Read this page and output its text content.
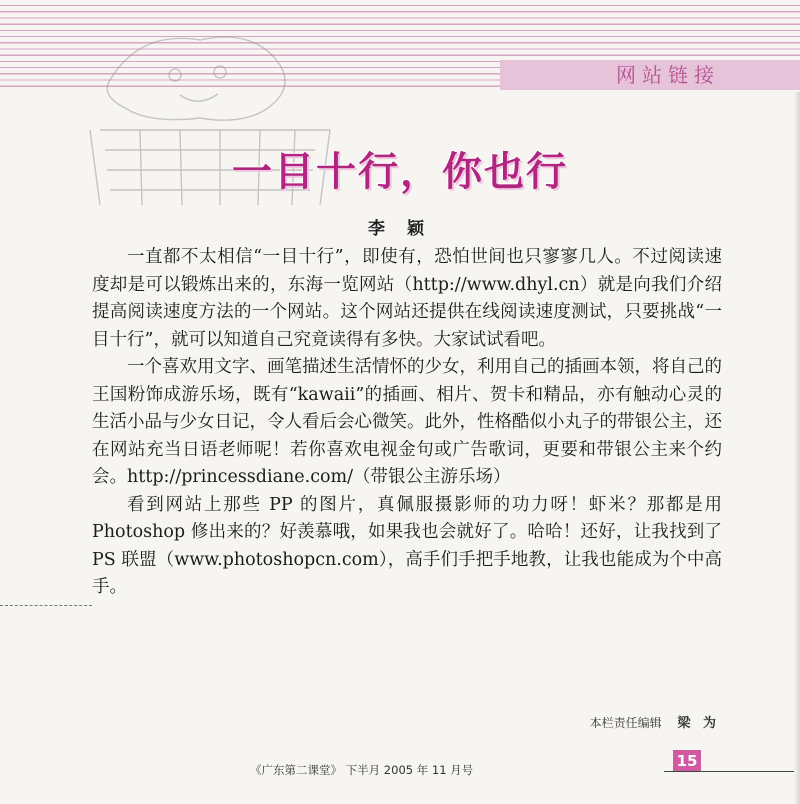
网站链接
一目十行，你也行
李 颖

一直都不太相信“一目十行”，即使有，恐怕世间也只寥寥几人。不过阅读速度却是可以锻炼出来的，东海一览网站（http://www.dhyl.cn）就是向我们介绍提高阅读速度方法的一个网站。这个网站还提供在线阅读速度测试，只要挑战“一目十行”，就可以知道自己究竟读得有多快。大家试试看吧。

一个喜欢用文字、画笔描述生活情怀的少女，利用自己的插画本领，将自己的王国粉饰成游乐场，既有“kawaii”的插画、相片、贺卡和精品，亦有触动心灵的生活小品与少女日记，令人看后会心微笑。此外，性格酷似小丸子的带银公主，还在网站充当日语老师呢！若你喜欢电视金句或广告歌词，更要和带银公主来个约会。http://princessdiane.com/（带银公主游乐场）

看到网站上那些 PP 的图片，真佩服摄影师的功力呀！虾米？那都是用 Photoshop 修出来的？好羡慕哦，如果我也会就好了。哈哈！还好，让我找到了 PS 联盟（www.photoshopcn.com），高手们手把手地教，让我也能成为个中高手。

本栏责任编辑 梁 为
《广东第二课堂》 下半月 2005 年 11 月号	15
